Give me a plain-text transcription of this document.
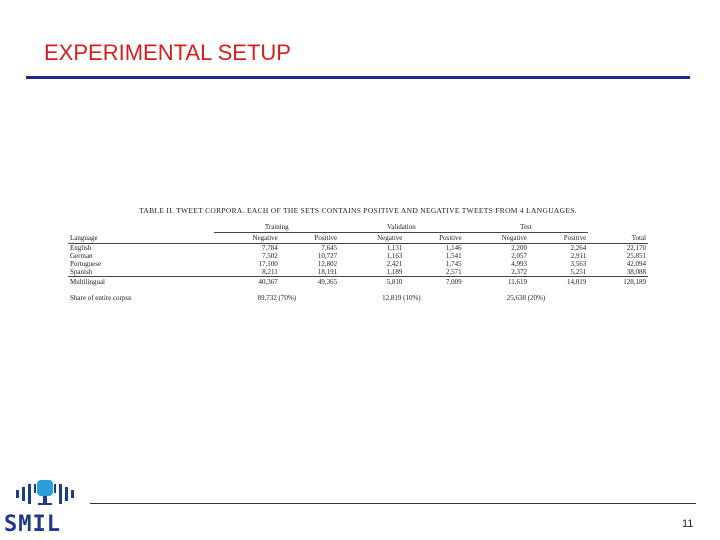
EXPERIMENTAL SETUP
TABLE II. TWEET CORPORA. EACH OF THE SETS CONTAINS POSITIVE AND NEGATIVE TWEETS FROM 4 LANGUAGES.
	Training		Validation		Test		
Language	Negative	Positive	Negative	Positive	Negative	Positive	Total
English	7,784	7,645	1,131	1,146	2,200	2,264	22,170
German	7,502	10,727	1,163	1,541	2,057	2,911	25,851
Portuguese	17,100	12,802	2,421	1,745	4,993	3,563	42,094
Spanish	8,211	18,191	1,189	2,571	2,372	5,251	38,088
Multilingual	40,367	49,365	5,810	7,009	11,619	14,019	128,189
Share of entire corpus	89,732 (70%)		12,819 (10%)		25,638 (20%)		
SMIL	11
